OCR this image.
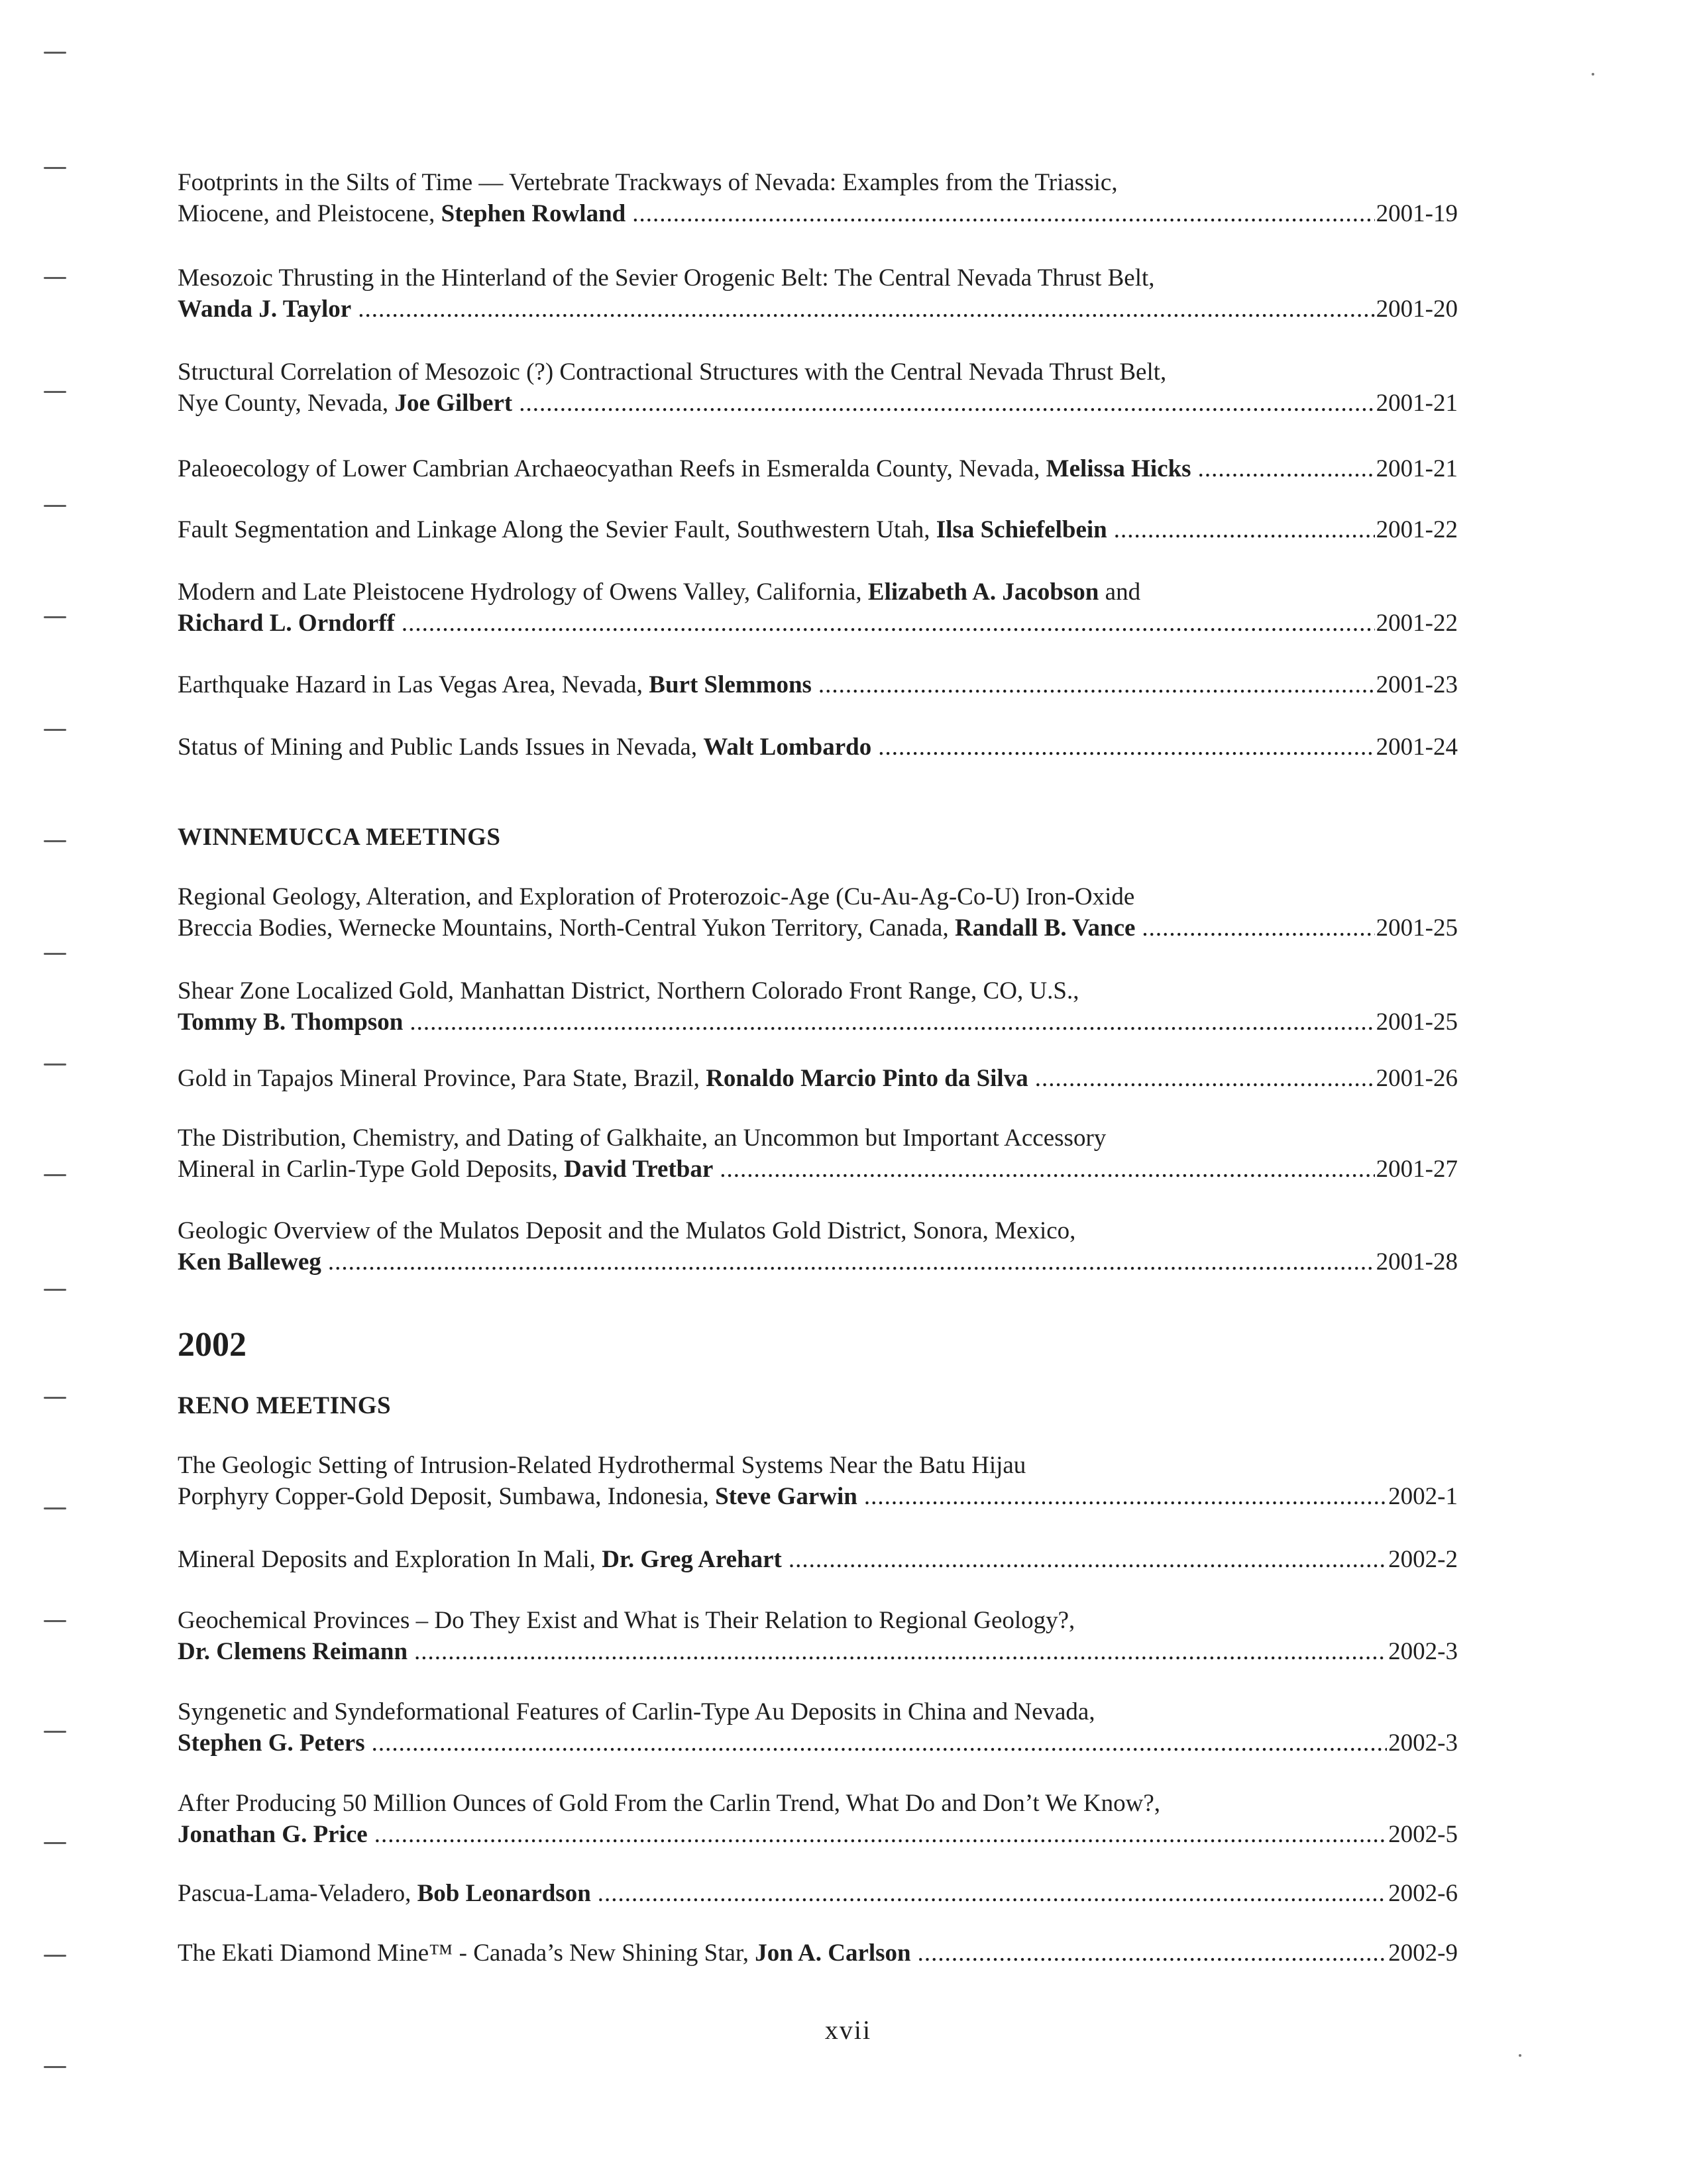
Footprints in the Silts of Time — Vertebrate Trackways of Nevada: Examples from the Triassic,
Miocene, and Pleistocene, Stephen Rowland .....	2001-19
Mesozoic Thrusting in the Hinterland of the Sevier Orogenic Belt: The Central Nevada Thrust Belt,
Wanda J. Taylor .....	2001-20
Structural Correlation of Mesozoic (?) Contractional Structures with the Central Nevada Thrust Belt,
Nye County, Nevada, Joe Gilbert .....	2001-21
Paleoecology of Lower Cambrian Archaeocyathan Reefs in Esmeralda County, Nevada, Melissa Hicks .....	2001-21
Fault Segmentation and Linkage Along the Sevier Fault, Southwestern Utah, Ilsa Schiefelbein .....	2001-22
Modern and Late Pleistocene Hydrology of Owens Valley, California, Elizabeth A. Jacobson and
Richard L. Orndorff .....	2001-22
Earthquake Hazard in Las Vegas Area, Nevada, Burt Slemmons .....	2001-23
Status of Mining and Public Lands Issues in Nevada, Walt Lombardo .....	2001-24
WINNEMUCCA MEETINGS
Regional Geology, Alteration, and Exploration of Proterozoic-Age (Cu-Au-Ag-Co-U) Iron-Oxide
Breccia Bodies, Wernecke Mountains, North-Central Yukon Territory, Canada, Randall B. Vance .....	2001-25
Shear Zone Localized Gold, Manhattan District, Northern Colorado Front Range, CO, U.S.,
Tommy B. Thompson .....	2001-25
Gold in Tapajos Mineral Province, Para State, Brazil, Ronaldo Marcio Pinto da Silva .....	2001-26
The Distribution, Chemistry, and Dating of Galkhaite, an Uncommon but Important Accessory
Mineral in Carlin-Type Gold Deposits, David Tretbar .....	2001-27
Geologic Overview of the Mulatos Deposit and the Mulatos Gold District, Sonora, Mexico,
Ken Balleweg .....	2001-28
2002
RENO MEETINGS
The Geologic Setting of Intrusion-Related Hydrothermal Systems Near the Batu Hijau
Porphyry Copper-Gold Deposit, Sumbawa, Indonesia, Steve Garwin .....	2002-1
Mineral Deposits and Exploration In Mali, Dr. Greg Arehart .....	2002-2
Geochemical Provinces – Do They Exist and What is Their Relation to Regional Geology?,
Dr. Clemens Reimann .....	2002-3
Syngenetic and Syndeformational Features of Carlin-Type Au Deposits in China and Nevada,
Stephen G. Peters .....	2002-3
After Producing 50 Million Ounces of Gold From the Carlin Trend, What Do and Don’t We Know?,
Jonathan G. Price .....	2002-5
Pascua-Lama-Veladero, Bob Leonardson .....	2002-6
The Ekati Diamond Mine™ - Canada’s New Shining Star, Jon A. Carlson .....	2002-9
xvii
